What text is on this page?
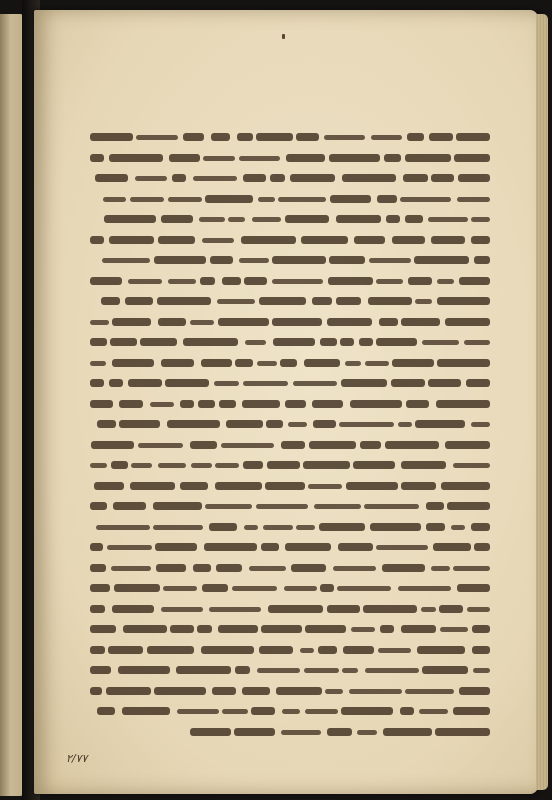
٢/٧٧
